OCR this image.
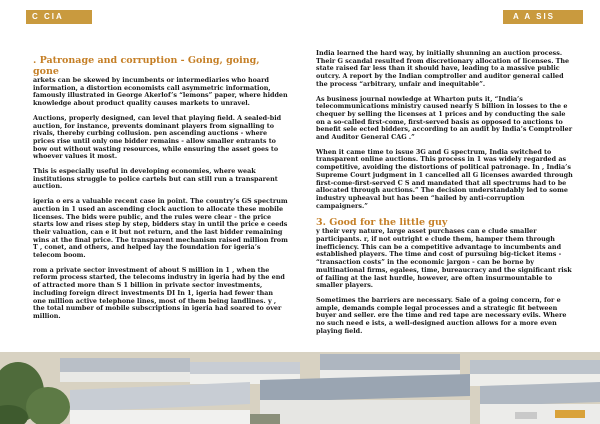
C CIA	A A SIS
. Patronage and corruption - Going, going, gone

arkets can be skewed by incumbents or intermediaries who hoard information, a distortion economists call asymmetric information, famously illustrated in George Akerlof’s “lemons” paper, where hidden knowledge about product quality causes markets to unravel.

Auctions, properly designed, can level that playing field. A sealed-bid auction, for instance, prevents dominant players from signalling to rivals, thereby curbing collusion. pen ascending auctions - where prices rise until only one bidder remains - allow smaller entrants to bow out without wasting resources, while ensuring the asset goes to whoever values it most.

This is especially useful in developing economies, where weak institutions struggle to police cartels but can still run a transparent auction.

igeria o ers a valuable recent case in point. The country’s GS spectrum auction in 1 used an ascending clock auction to allocate these mobile licenses. The bids were public, and the rules were clear - the price starts low and rises step by step, bidders stay in until the price e ceeds their valuation, can e it but not return, and the last bidder remaining wins at the final price. The transparent mechanism raised million from T , conet, and others, and helped lay the foundation for igeria’s telecom boom.

rom a private sector investment of about S million in 1 , when the reform process started, the telecoms industry in igeria had by the end of attracted more than S 1 billion in private sector investments, including foreign direct investments DI In 1, igeria had fewer than one million active telephone lines, most of them being landlines. y , the total number of mobile subscriptions in igeria had soared to over million.

India learned the hard way, by initially shunning an auction process. Their G scandal resulted from discretionary allocation of licenses. The state raised far less than it should have, leading to a massive public outcry. A report by the Indian comptroller and auditor general called the process “arbitrary, unfair and inequitable”.

As business journal nowledge at Wharton puts it, “India’s telecommunications ministry caused nearly S billion in losses to the e chequer by selling the licenses at 1 prices and by conducting the sale on a so-called first-come, first-served basis as opposed to auctions to benefit sele ected bidders, according to an audit by India’s Comptroller and Auditor General CAG .”

When it came time to issue 3G and G spectrum, India switched to transparent online auctions. This process in 1 was widely regarded as competitive, avoiding the distortions of political patronage. In , India’s Supreme Court judgment in 1 cancelled all G licenses awarded through first-come-first-served C S and mandated that all spectrums had to be allocated through auctions.” The decision understandably led to some industry upheaval but has been “hailed by anti-corruption campaigners.”

3. Good for the little guy

y their very nature, large asset purchases can e clude smaller participants. r, if not outright e clude them, hamper them through inefficiency. This can be a competitive advantage to incumbents and established players. The time and cost of pursuing big-ticket items - “transaction costs” in the economic jargon - can be borne by multinational firms, egalees, time, bureaucracy and the significant risk of failing at the last hurdle, however, are often insurmountable to smaller players.

Sometimes the barriers are necessary. Sale of a going concern, for e ample, demands comple legal processes and a strategic fit between buyer and seller. ere the time and red tape are necessary evils. Where no such need e ists, a well-designed auction allows for a more even playing field.
